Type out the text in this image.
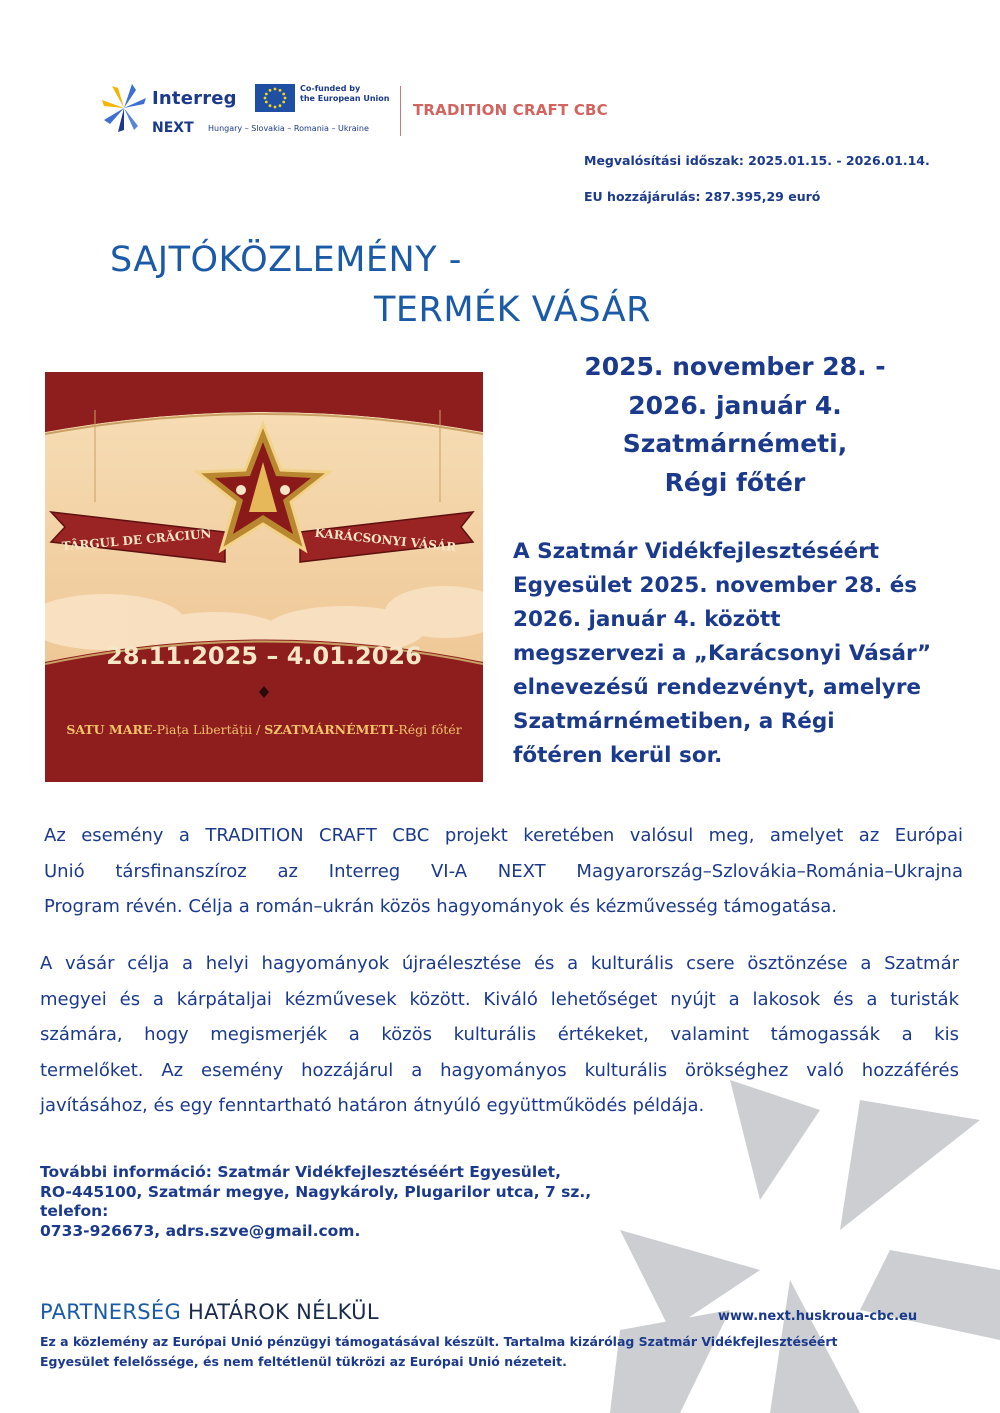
Interreg
NEXT Hungary – Slovakia – Romania – Ukraine
Co-funded by
the European Union
TRADITION CRAFT CBC
Megvalósítási időszak: 2025.01.15. - 2026.01.14.
EU hozzájárulás: 287.395,29 euró
SAJTÓKÖZLEMÉNY -
TERMÉK VÁSÁR
2025. november 28. -
2026. január 4.
Szatmárnémeti,
Régi főtér
TÂRGUL DE CRĂCIUN	KARÁCSONYI VÁSÁR
28.11.2025 – 4.01.2026
SATU MARE-Piața Libertății / SZATMÁRNÉMETI-Régi főtér
A Szatmár Vidékfejlesztéséért
Egyesület 2025. november 28. és
2026. január 4. között
megszervezi a „Karácsonyi Vásár”
elnevezésű rendezvényt, amelyre
Szatmárnémetiben, a Régi
főtéren kerül sor.
Az esemény a TRADITION CRAFT CBC projekt keretében valósul meg, amelyet az Európai
Unió társfinanszíroz az Interreg VI-A NEXT Magyarország–Szlovákia–Románia–Ukrajna
Program révén. Célja a román–ukrán közös hagyományok és kézművesség támogatása.
A vásár célja a helyi hagyományok újraélesztése és a kulturális csere ösztönzése a Szatmár
megyei és a kárpátaljai kézművesek között. Kiváló lehetőséget nyújt a lakosok és a turisták
számára, hogy megismerjék a közös kulturális értékeket, valamint támogassák a kis
termelőket. Az esemény hozzájárul a hagyományos kulturális örökséghez való hozzáférés
javításához, és egy fenntartható határon átnyúló együttműködés példája.
További információ: Szatmár Vidékfejlesztéséért Egyesület,
RO-445100, Szatmár megye, Nagykároly, Plugarilor utca, 7 sz.,
telefon:
0733-926673, adrs.szve@gmail.com.
PARTNERSÉG HATÁROK NÉLKÜL	www.next.huskroua-cbc.eu
Ez a közlemény az Európai Unió pénzügyi támogatásával készült. Tartalma kizárólag Szatmár Vidékfejlesztéséért
Egyesület felelőssége, és nem feltétlenül tükrözi az Európai Unió nézeteit.
